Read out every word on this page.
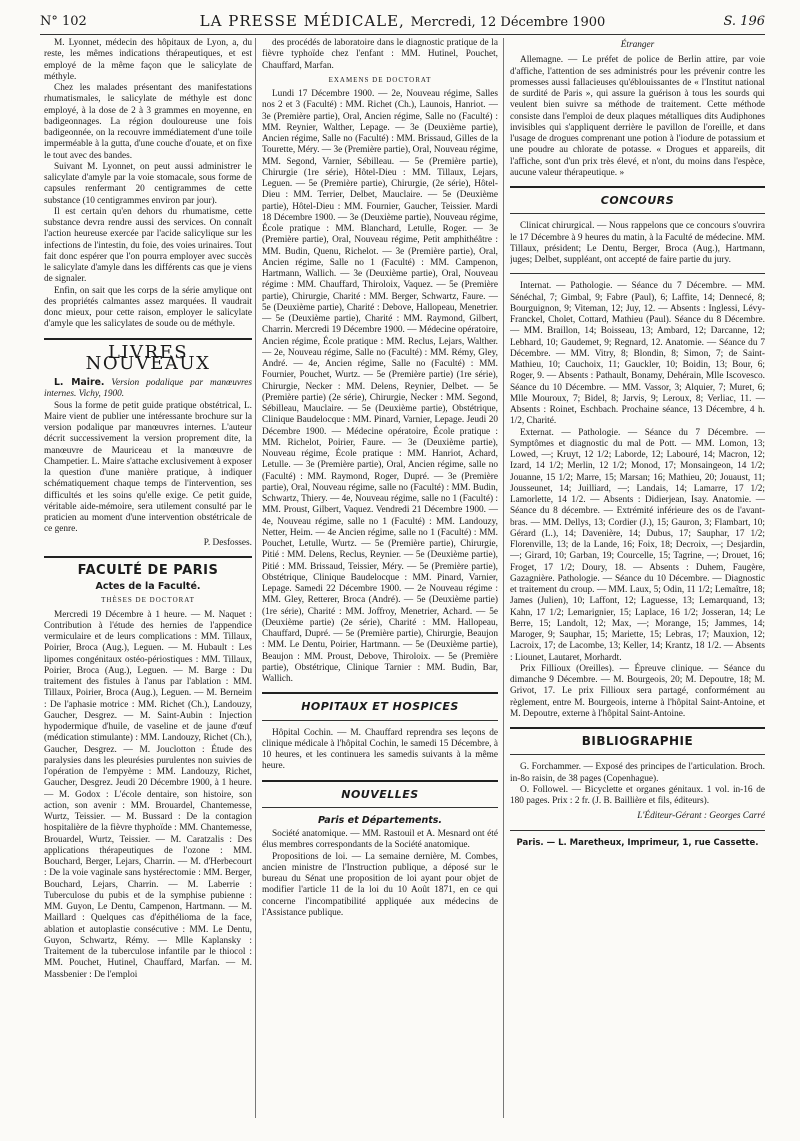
N° 102	LA PRESSE MÉDICALE, Mercredi, 12 Décembre 1900	S. 196

M. Lyonnet, médecin des hôpitaux de Lyon, a, du reste, les mêmes indications thérapeutiques, et est employé de la même façon que le salicylate de méthyle.

Chez les malades présentant des manifestations rhumatismales, le salicylate de méthyle est donc employé, à la dose de 2 à 3 grammes en moyenne, en badigeonnages. La région douloureuse une fois badigeonnée, on la recouvre immédiatement d'une toile imperméable à la gutta, d'une couche d'ouate, et on fixe le tout avec des bandes.

Suivant M. Lyonnet, on peut aussi administrer le salicylate d'amyle par la voie stomacale, sous forme de capsules renfermant 20 centigrammes de cette substance (10 centigrammes environ par jour).

Il est certain qu'en dehors du rhumatisme, cette substance devra rendre aussi des services. On connaît l'action heureuse exercée par l'acide salicylique sur les infections de l'intestin, du foie, des voies urinaires. Tout fait donc espérer que l'on pourra employer avec succès le salicylate d'amyle dans les différents cas que je viens de signaler.

Enfin, on sait que les corps de la série amylique ont des propriétés calmantes assez marquées. Il vaudrait donc mieux, pour cette raison, employer le salicylate d'amyle que les salicylates de soude ou de méthyle.

LIVRES NOUVEAUX

L. Maire. Version podalique par manœuvres internes. Vichy, 1900.

Sous la forme de petit guide pratique obstétrical, L. Maire vient de publier une intéressante brochure sur la version podalique par manœuvres internes. L'auteur décrit successivement la version proprement dite, la manœuvre de Mauriceau et la manœuvre de Champetier. L. Maire s'attache exclusivement à exposer la question d'une manière pratique, à indiquer schématiquement chaque temps de l'intervention, ses difficultés et les soins qu'elle exige. Ce petit guide, véritable aide-mémoire, sera utilement consulté par le praticien au moment d'une intervention obstétricale de ce genre.

P. Desfosses.
FACULTÉ DE PARIS
Actes de la Faculté.
THÈSES DE DOCTORAT

Mercredi 19 Décembre à 1 heure. — M. Naquet : Contribution à l'étude des hernies de l'appendice vermiculaire et de leurs complications : MM. Tillaux, Poirier, Broca (Aug.), Leguen. — M. Hubault : Les lipomes congénitaux ostéo-périostiques : MM. Tillaux, Poirier, Broca (Aug.), Leguen. — M. Barge : Du traitement des fistules à l'anus par l'ablation : MM. Tillaux, Poirier, Broca (Aug.), Leguen. — M. Berneim : De l'aphasie motrice : MM. Richet (Ch.), Landouzy, Gaucher, Desgrez. — M. Saint-Aubin : Injection hypodermique d'huile, de vaseline et de jaune d'œuf (médication stimulante) : MM. Landouzy, Richet (Ch.), Gaucher, Desgrez. — M. Jouclotton : Étude des paralysies dans les pleurésies purulentes non suivies de l'opération de l'empyème : MM. Landouzy, Richet, Gaucher, Desgrez. Jeudi 20 Décembre 1900, à 1 heure. — M. Godox : L'école dentaire, son histoire, son action, son avenir : MM. Brouardel, Chantemesse, Wurtz, Teissier. — M. Bussard : De la contagion hospitalière de la fièvre thyphoïde : MM. Chantemesse, Brouardel, Wurtz, Teissier. — M. Caratzalis : Des applications thérapeutiques de l'ozone : MM. Bouchard, Berger, Lejars, Charrin. — M. d'Herbecourt : De la voie vaginale sans hystérectomie : MM. Berger, Bouchard, Lejars, Charrin. — M. Laberrie : Tuberculose du pubis et de la symphise pubienne : MM. Guyon, Le Dentu, Campenon, Hartmann. — M. Maillard : Quelques cas d'épithélioma de la face, ablation et autoplastie consécutive : MM. Le Dentu, Guyon, Schwartz, Rémy. — Mlle Kaplansky : Traitement de la tuberculose infantile par le thiocol : MM. Pouchet, Hutinel, Chauffard, Marfan. — M. Massbenier : De l'emploi

des procédés de laboratoire dans le diagnostic pratique de la fièvre typhoïde chez l'enfant : MM. Hutinel, Pouchet, Chauffard, Marfan.

EXAMENS DE DOCTORAT

Lundi 17 Décembre 1900. — 2e, Nouveau régime, Salles nos 2 et 3 (Faculté) : MM. Richet (Ch.), Launois, Hanriot. — 3e (Première partie), Oral, Ancien régime, Salle no (Faculté) : MM. Reynier, Walther, Lepage. — 3e (Deuxième partie), Ancien régime, Salle no (Faculté) : MM. Brissaud, Gilles de la Tourette, Méry. — 3e (Première partie), Oral, Nouveau régime, MM. Segond, Varnier, Sébilleau. — 5e (Première partie), Chirurgie (1re série), Hôtel-Dieu : MM. Tillaux, Lejars, Leguen. — 5e (Première partie), Chirurgie, (2e série), Hôtel-Dieu : MM. Terrier, Delbet, Mauclaire. — 5e (Deuxième partie), Hôtel-Dieu : MM. Fournier, Gaucher, Teissier. Mardi 18 Décembre 1900. — 3e (Deuxième partie), Nouveau régime, École pratique : MM. Blanchard, Letulle, Roger. — 3e (Première partie), Oral, Nouveau régime, Petit amphithéâtre : MM. Budin, Quenu, Richelot. — 3e (Première partie), Oral, Ancien régime, Salle no 1 (Faculté) : MM. Campenon, Hartmann, Wallich. — 3e (Deuxième partie), Oral, Nouveau régime : MM. Chauffard, Thiroloix, Vaquez. — 5e (Première partie), Chirurgie, Charité : MM. Berger, Schwartz, Faure. — 5e (Deuxième partie), Charité : Debove, Hallopeau, Menetrier. — 5e (Deuxième partie), Charité : MM. Raymond, Gilbert, Charrin. Mercredi 19 Décembre 1900. — Médecine opératoire, Ancien régime, École pratique : MM. Reclus, Lejars, Walther. — 2e, Nouveau régime, Salle no (Faculté) : MM. Rémy, Gley, André. — 4e, Ancien régime, Salle no (Faculté) : MM. Fournier, Pouchet, Wurtz. — 5e (Première partie) (1re série), Chirurgie, Necker : MM. Delens, Reynier, Delbet. — 5e (Première partie) (2e série), Chirurgie, Necker : MM. Segond, Sébilleau, Mauclaire. — 5e (Deuxième partie), Obstétrique, Clinique Baudelocque : MM. Pinard, Varnier, Lepage. Jeudi 20 Décembre 1900. — Médecine opératoire, École pratique : MM. Richelot, Poirier, Faure. — 3e (Deuxième partie), Nouveau régime, École pratique : MM. Hanriot, Achard, Letulle. — 3e (Première partie), Oral, Ancien régime, salle no (Faculté) : MM. Raymond, Roger, Dupré. — 3e (Première partie), Oral, Nouveau régime, salle no (Faculté) : MM. Budin, Schwartz, Thiery. — 4e, Nouveau régime, salle no 1 (Faculté) : MM. Proust, Gilbert, Vaquez. Vendredi 21 Décembre 1900. — 4e, Nouveau régime, salle no 1 (Faculté) : MM. Landouzy, Netter, Heim. — 4e Ancien régime, salle no 1 (Faculté) : MM. Pouchet, Letulle, Wurtz. — 5e (Première partie), Chirurgie, Pitié : MM. Delens, Reclus, Reynier. — 5e (Deuxième partie), Pitié : MM. Brissaud, Teissier, Méry. — 5e (Première partie), Obstétrique, Clinique Baudelocque : MM. Pinard, Varnier, Lepage. Samedi 22 Décembre 1900. — 2e Nouveau régime : MM. Gley, Retterer, Broca (André). — 5e (Deuxième partie) (1re série), Charité : MM. Joffroy, Menetrier, Achard. — 5e (Deuxième partie) (2e série), Charité : MM. Hallopeau, Chauffard, Dupré. — 5e (Première partie), Chirurgie, Beaujon : MM. Le Dentu, Poirier, Hartmann. — 5e (Deuxième partie), Beaujon : MM. Proust, Debove, Thiroloix. — 5e (Première partie), Obstétrique, Clinique Tarnier : MM. Budin, Bar, Wallich.

HOPITAUX ET HOSPICES

Hôpital Cochin. — M. Chauffard reprendra ses leçons de clinique médicale à l'hôpital Cochin, le samedi 15 Décembre, à 10 heures, et les continuera les samedis suivants à la même heure.

NOUVELLES
Paris et Départements.

Société anatomique. — MM. Rastouil et A. Mesnard ont été élus membres correspondants de la Société anatomique.

Propositions de loi. — La semaine dernière, M. Combes, ancien ministre de l'Instruction publique, a déposé sur le bureau du Sénat une proposition de loi ayant pour objet de modifier l'article 11 de la loi du 10 Août 1871, en ce qui concerne l'incompatibilité appliquée aux médecins de l'Assistance publique.

Étranger

Allemagne. — Le préfet de police de Berlin attire, par voie d'affiche, l'attention de ses administrés pour les prévenir contre les promesses aussi fallacieuses qu'éblouissantes de « l'Institut national de surdité de Paris », qui assure la guérison à tous les sourds qui veulent bien suivre sa méthode de traitement. Cette méthode consiste dans l'emploi de deux plaques métalliques dits Audiphones invisibles qui s'appliquent derrière le pavillon de l'oreille, et dans l'usage de drogues comprenant une potion à l'iodure de potassium et une poudre au chlorate de potasse. « Drogues et appareils, dit l'affiche, sont d'un prix très élevé, et n'ont, du moins dans l'espèce, aucune valeur thérapeutique. »

CONCOURS

Clinicat chirurgical. — Nous rappelons que ce concours s'ouvrira le 17 Décembre à 9 heures du matin, à la Faculté de médecine. MM. Tillaux, président; Le Dentu, Berger, Broca (Aug.), Hartmann, juges; Delbet, suppléant, ont accepté de faire partie du jury.

Internat. — Pathologie. — Séance du 7 Décembre. — MM. Sénéchal, 7; Gimbal, 9; Fabre (Paul), 6; Laffite, 14; Dennecé, 8; Bourguignon, 9; Viteman, 12; Juy, 12. — Absents : Inglessi, Lévy-Franckel, Cholet, Cottard, Mathieu (Paul). Séance du 8 Décembre. — MM. Braillon, 14; Boisseau, 13; Ambard, 12; Darcanne, 12; Lebhard, 10; Gaudemet, 9; Regnard, 12. Anatomie. — Séance du 7 Décembre. — MM. Vitry, 8; Blondin, 8; Simon, 7; de Saint-Mathieu, 10; Cauchoix, 11; Gauckler, 10; Boidin, 13; Bour, 6; Roger, 9. — Absents : Pathault, Bonamy, Dehérain, Mlle Iscovesco. Séance du 10 Décembre. — MM. Vassor, 3; Alquier, 7; Muret, 6; Mlle Mouroux, 7; Bidel, 8; Jarvis, 9; Leroux, 8; Verliac, 11. — Absents : Roinet, Eschbach. Prochaine séance, 13 Décembre, 4 h. 1/2, Charité.

Externat. — Pathologie. — Séance du 7 Décembre. — Symptômes et diagnostic du mal de Pott. — MM. Lomon, 13; Lowed, —; Kruyt, 12 1/2; Laborde, 12; Labouré, 14; Macron, 12; Izard, 14 1/2; Merlin, 12 1/2; Monod, 17; Monsaingeon, 14 1/2; Jouanne, 15 1/2; Marre, 15; Marsan; 16; Mathieu, 20; Jouaust, 11; Jousseunet, 14; Juilliard, —; Landais, 14; Lamarre, 17 1/2; Lamorlette, 14 1/2. — Absents : Didierjean, Isay. Anatomie. — Séance du 8 décembre. — Extrémité inférieure des os de l'avant-bras. — MM. Dellys, 13; Cordier (J.), 15; Gauron, 3; Flambart, 10; Gérard (L.), 14; Davenière, 14; Dubus, 17; Sauphar, 17 1/2; Florenville, 13; de la Lande, 16; Foix, 18; Decroix, —; Desjardin, —; Girard, 10; Garban, 19; Courcelle, 15; Tagrine, —; Drouet, 16; Froget, 17 1/2; Doury, 18. — Absents : Duhem, Faugère, Gazagnière. Pathologie. — Séance du 10 Décembre. — Diagnostic et traitement du croup. — MM. Laux, 5; Odin, 11 1/2; Lemaître, 18; James (Julien), 10; Laffont, 12; Laguesse, 13; Lemarquand, 13; Kahn, 17 1/2; Lemarignier, 15; Laplace, 16 1/2; Josseran, 14; Le Berre, 15; Landolt, 12; Max, —; Morange, 15; Jammes, 14; Maroger, 9; Sauphar, 15; Mariette, 15; Lebras, 17; Mauxion, 12; Lacroix, 17; de Lacombe, 13; Keller, 14; Krantz, 18 1/2. — Absents : Liounet, Lautaret, Morhardt.

Prix Fillioux (Oreilles). — Épreuve clinique. — Séance du dimanche 9 Décembre. — M. Bourgeois, 20; M. Depoutre, 18; M. Grivot, 17. Le prix Fillioux sera partagé, conformément au règlement, entre M. Bourgeois, interne à l'hôpital Saint-Antoine, et M. Depoutre, externe à l'hôpital Saint-Antoine.

BIBLIOGRAPHIE

G. Forchammer. — Exposé des principes de l'articulation. Broch. in-8o raisin, de 38 pages (Copenhague).

O. Followel. — Bicyclette et organes génitaux. 1 vol. in-16 de 180 pages. Prix : 2 fr. (J. B. Baillière et fils, éditeurs).

L'Éditeur-Gérant : Georges Carré
Paris. — L. Maretheux, Imprimeur, 1, rue Cassette.
